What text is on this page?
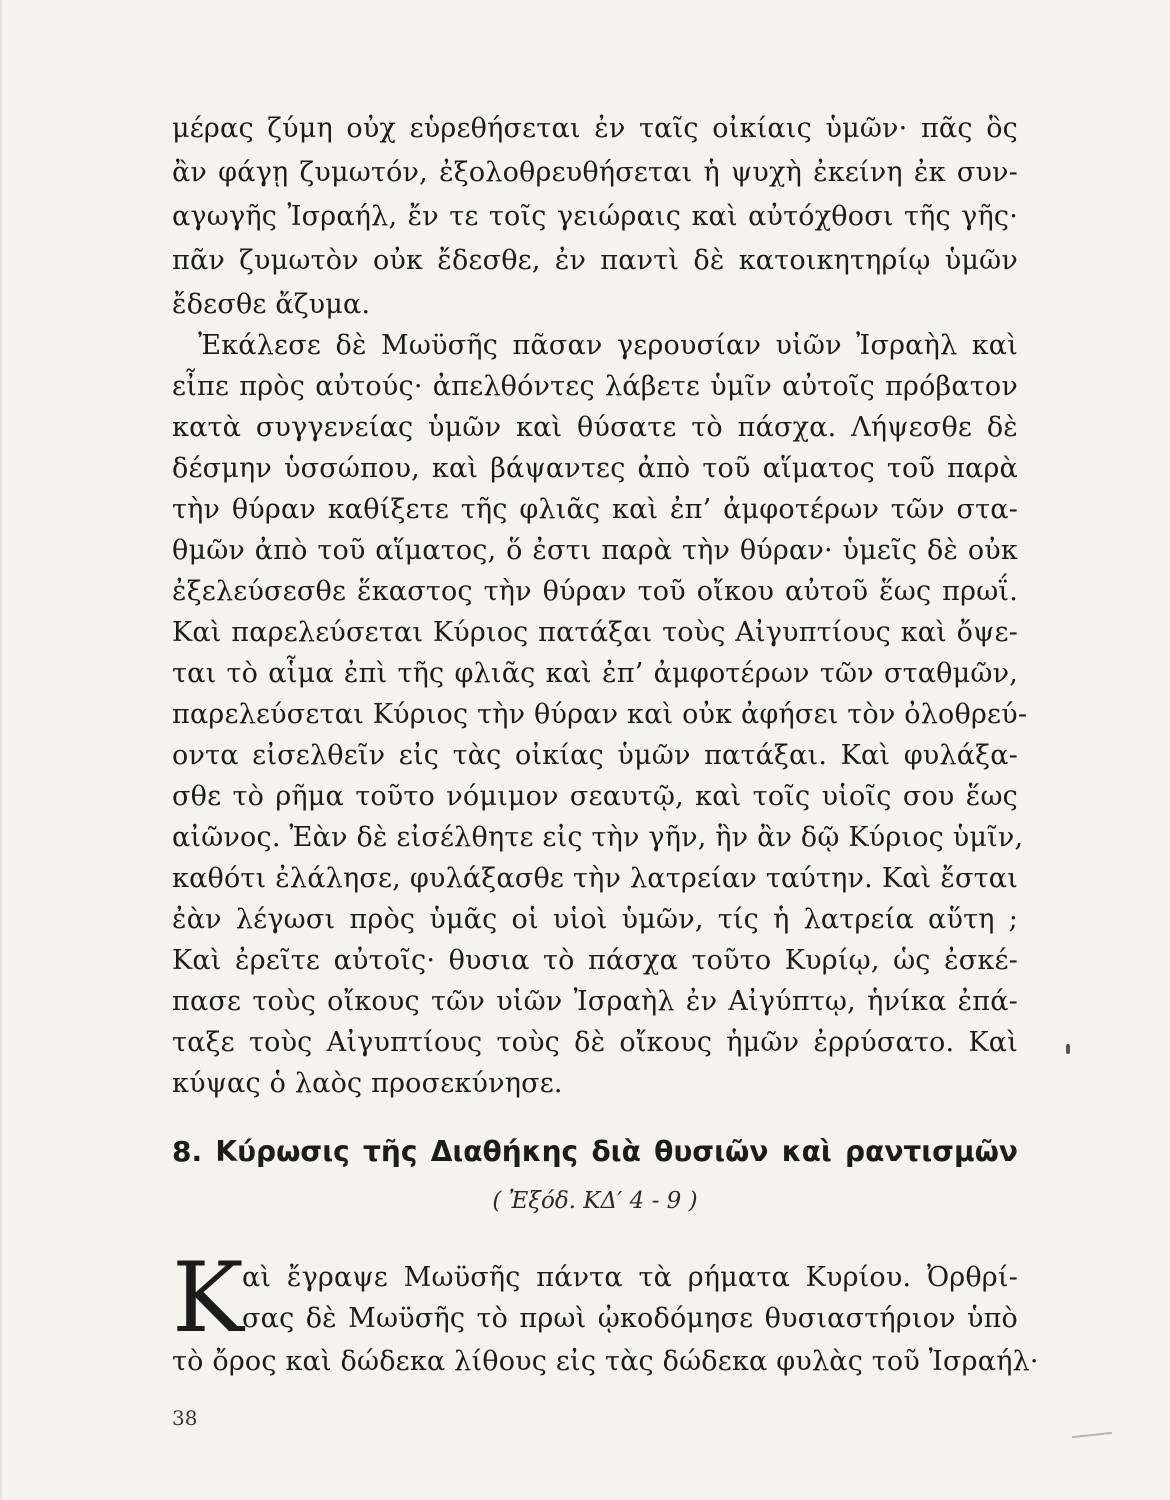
μέρας ζύμη οὐχ εὑρεθήσεται ἐν ταῖς οἰκίαις ὑμῶν· πᾶς ὃς
ἂν φάγῃ ζυμωτόν, ἐξολοθρευθήσεται ἡ ψυχὴ ἐκείνη ἐκ συν-
αγωγῆς Ἰσραήλ, ἔν τε τοῖς γειώραις καὶ αὐτόχθοσι τῆς γῆς·
πᾶν ζυμωτὸν οὐκ ἔδεσθε, ἐν παντὶ δὲ κατοικητηρίῳ ὑμῶν
ἔδεσθε ἄζυμα.
Ἐκάλεσε δὲ Μωϋσῆς πᾶσαν γερουσίαν υἱῶν Ἰσραὴλ καὶ
εἶπε πρὸς αὐτούς· ἀπελθόντες λάβετε ὑμῖν αὐτοῖς πρόβατον
κατὰ συγγενείας ὑμῶν καὶ θύσατε τὸ πάσχα. Λήψεσθε δὲ
δέσμην ὑσσώπου, καὶ βάψαντες ἀπὸ τοῦ αἵματος τοῦ παρὰ
τὴν θύραν καθίξετε τῆς φλιᾶς καὶ ἐπ’ ἀμφοτέρων τῶν στα-
θμῶν ἀπὸ τοῦ αἵματος, ὅ ἐστι παρὰ τὴν θύραν· ὑμεῖς δὲ οὐκ
ἐξελεύσεσθε ἕκαστος τὴν θύραν τοῦ οἴκου αὐτοῦ ἕως πρωΐ.
Καὶ παρελεύσεται Κύριος πατάξαι τοὺς Αἰγυπτίους καὶ ὄψε-
ται τὸ αἷμα ἐπὶ τῆς φλιᾶς καὶ ἐπ’ ἀμφοτέρων τῶν σταθμῶν,
παρελεύσεται Κύριος τὴν θύραν καὶ οὐκ ἀφήσει τὸν ὀλοθρεύ-
οντα εἰσελθεῖν εἰς τὰς οἰκίας ὑμῶν πατάξαι. Καὶ φυλάξα-
σθε τὸ ρῆμα τοῦτο νόμιμον σεαυτῷ, καὶ τοῖς υἱοῖς σου ἕως
αἰῶνος. Ἐὰν δὲ εἰσέλθητε εἰς τὴν γῆν, ἣν ἂν δῷ Κύριος ὑμῖν,
καθότι ἐλάλησε, φυλάξασθε τὴν λατρείαν ταύτην. Καὶ ἔσται
ἐὰν λέγωσι πρὸς ὑμᾶς οἱ υἱοὶ ὑμῶν, τίς ἡ λατρεία αὕτη ;
Καὶ ἐρεῖτε αὐτοῖς· θυσια τὸ πάσχα τοῦτο Κυρίῳ, ὡς ἐσκέ-
πασε τοὺς οἴκους τῶν υἱῶν Ἰσραὴλ ἐν Αἰγύπτῳ, ἡνίκα ἐπά-
ταξε τοὺς Αἰγυπτίους τοὺς δὲ οἴκους ἡμῶν ἐρρύσατο. Καὶ
κύψας ὁ λαὸς προσεκύνησε.
8. Κύρωσις τῆς Διαθήκης διὰ θυσιῶν καὶ ραντισμῶν
( Ἐξόδ. ΚΔ′ 4 - 9 )
Κ
αὶ ἔγραψε Μωϋσῆς πάντα τὰ ρήματα Κυρίου. Ὀρθρί-
σας δὲ Μωϋσῆς τὸ πρωὶ ᾠκοδόμησε θυσιαστήριον ὑπὸ
τὸ ὄρος καὶ δώδεκα λίθους εἰς τὰς δώδεκα φυλὰς τοῦ Ἰσραήλ·
38
